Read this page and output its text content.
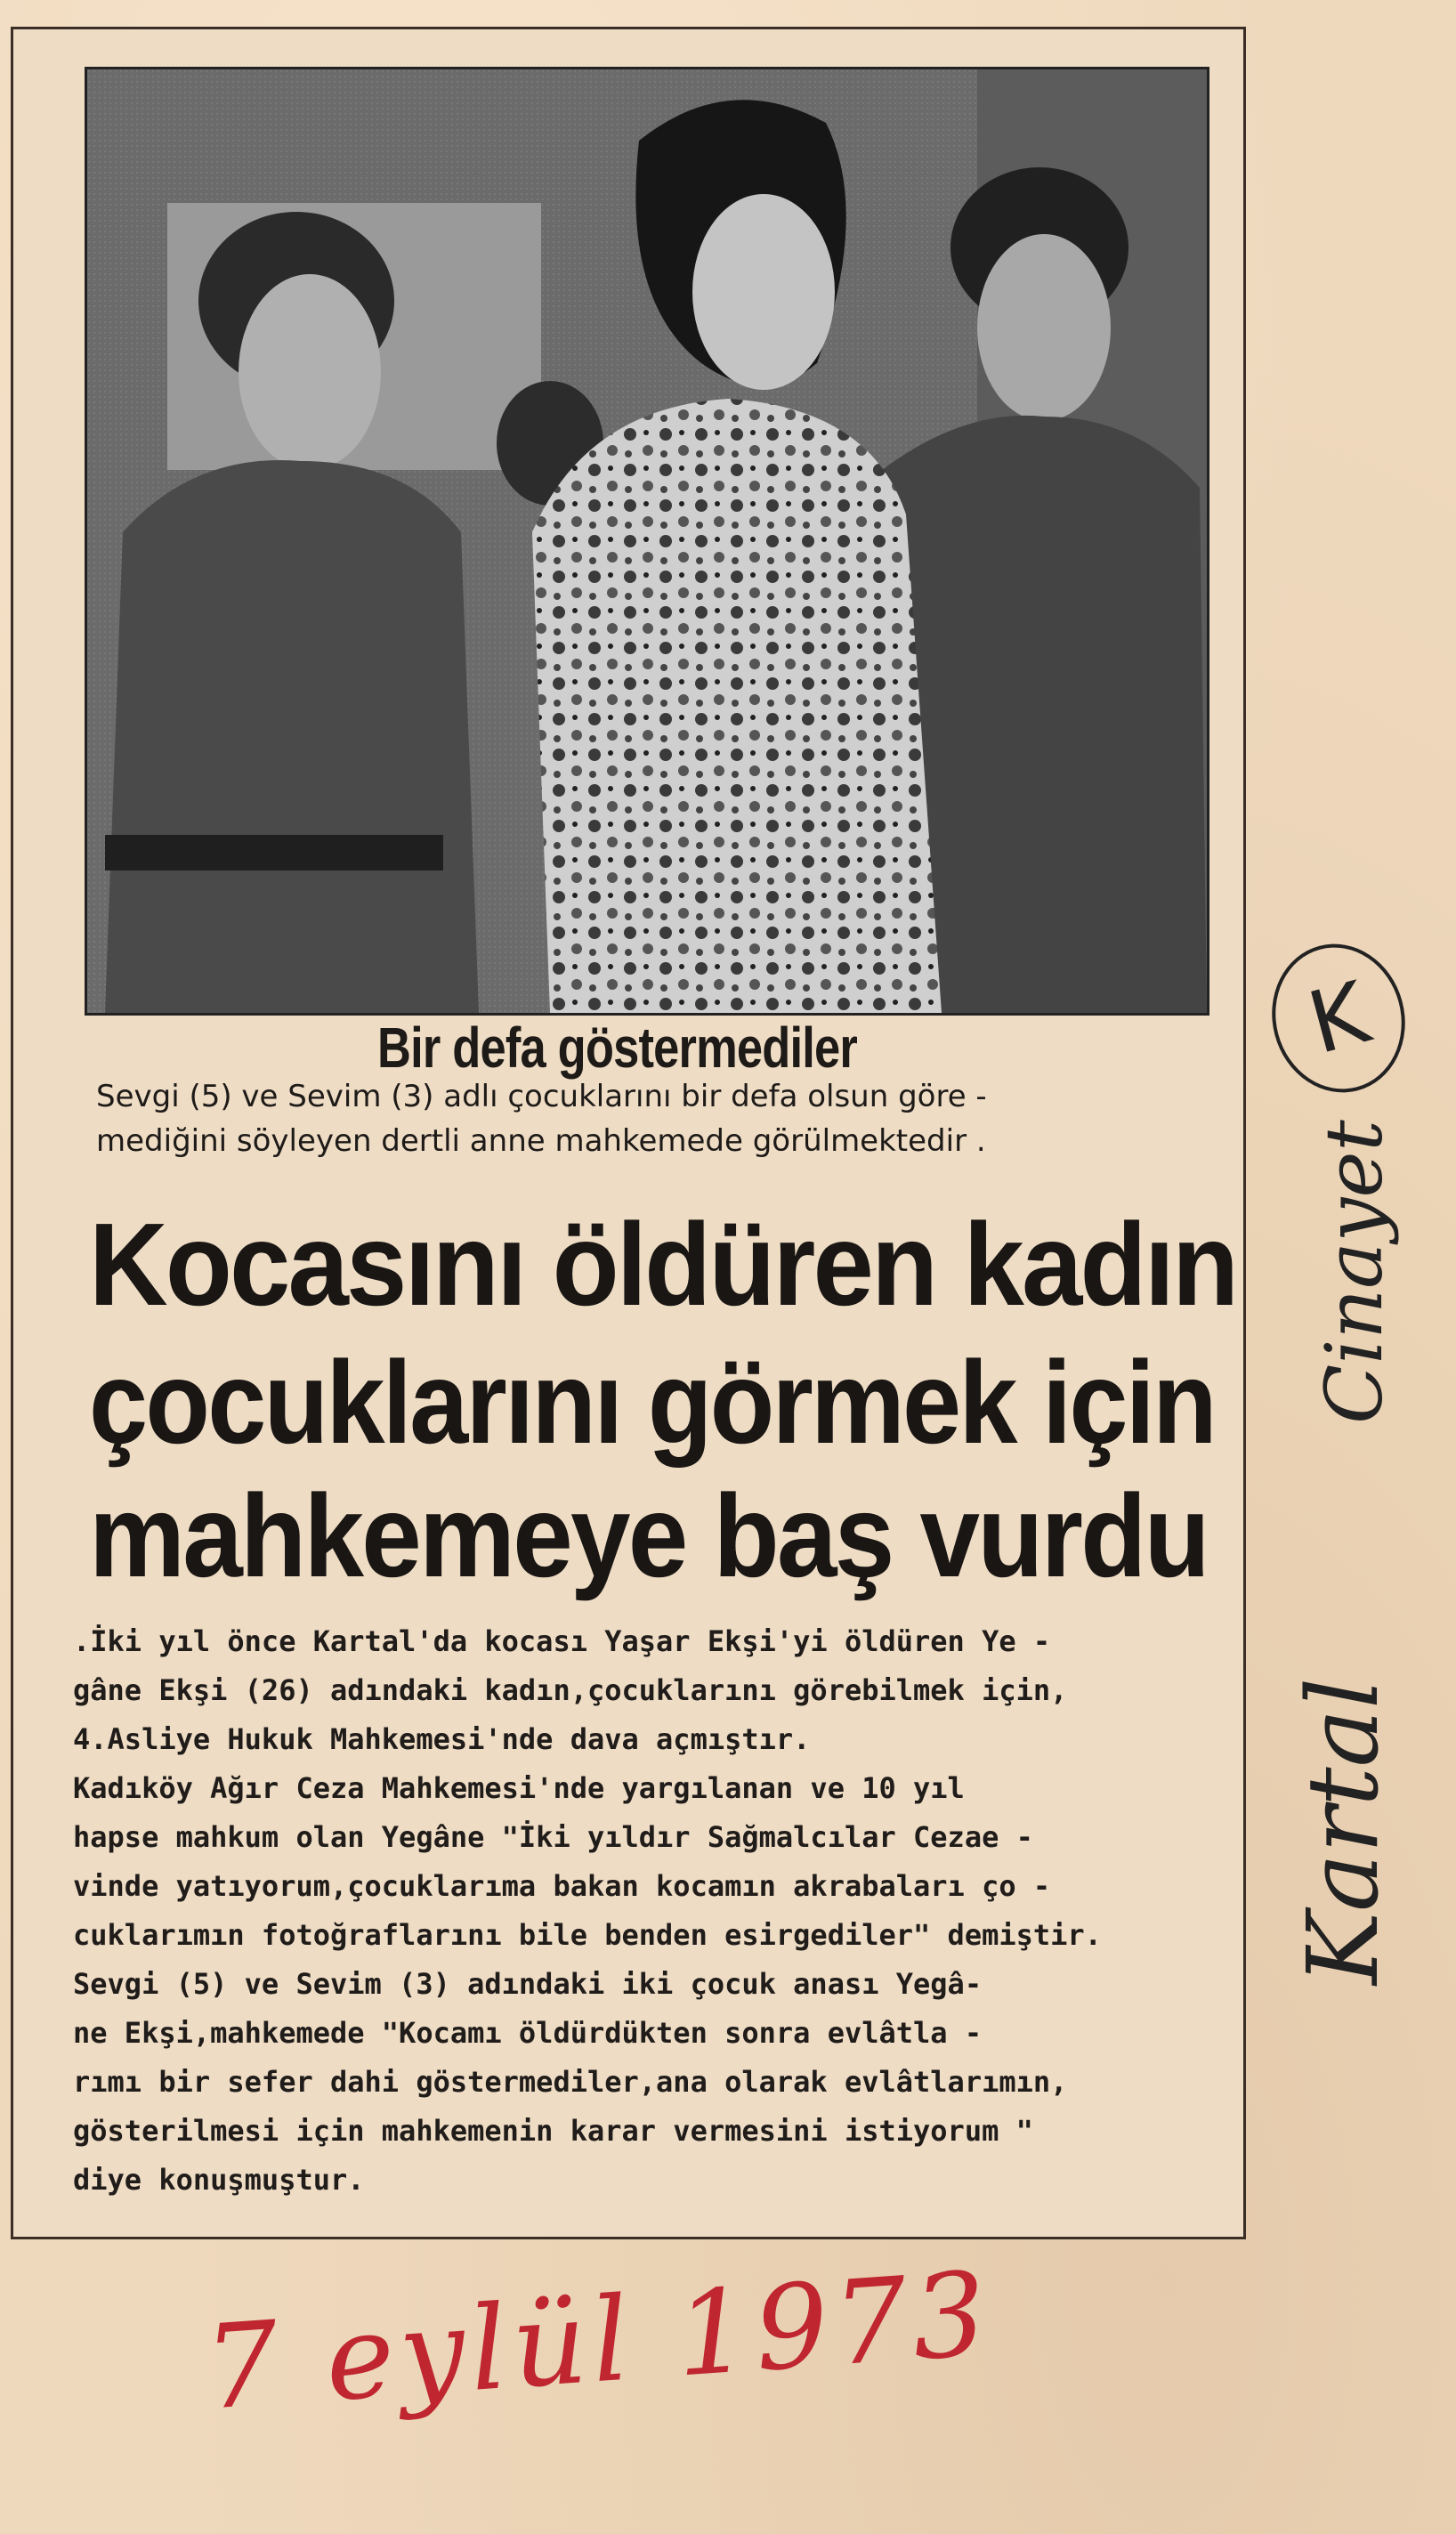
Bir defa göstermediler
Sevgi (5) ve Sevim (3) adlı çocuklarını bir defa olsun göre -
mediğini söyleyen dertli anne mahkemede görülmektedir .
Kocasını öldüren kadın
çocuklarını görmek için
mahkemeye baş vurdu
.İki yıl önce Kartal'da kocası Yaşar Ekşi'yi öldüren Ye -
gâne Ekşi (26) adındaki kadın,çocuklarını görebilmek için,
4.Asliye Hukuk Mahkemesi'nde dava açmıştır.
Kadıköy Ağır Ceza Mahkemesi'nde yargılanan ve 10 yıl
hapse mahkum olan Yegâne "İki yıldır Sağmalcılar Cezae -
vinde yatıyorum,çocuklarıma bakan kocamın akrabaları ço -
cuklarımın fotoğraflarını bile benden esirgediler" demiştir.
Sevgi (5) ve Sevim (3) adındaki iki çocuk anası Yegâ-
ne Ekşi,mahkemede "Kocamı öldürdükten sonra evlâtla -
rımı bir sefer dahi göstermediler,ana olarak evlâtlarımın,
gösterilmesi için mahkemenin karar vermesini istiyorum "
diye konuşmuştur.
K
Cinayet
Kartal
7 eylül 1973
